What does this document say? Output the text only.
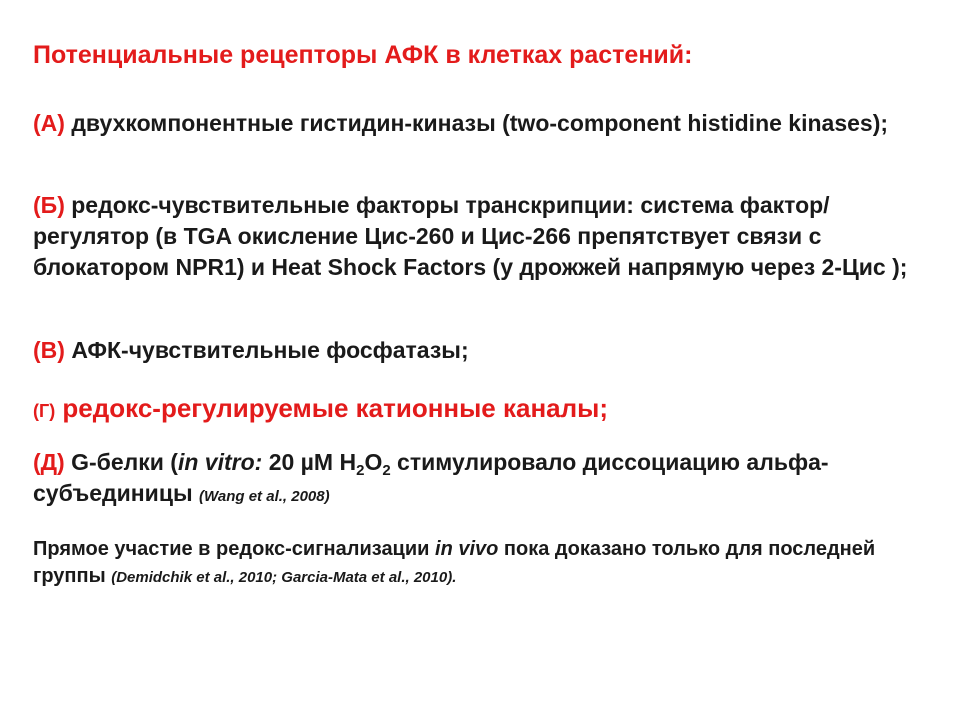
Потенциальные рецепторы АФК в клетках растений:
(А) двухкомпонентные гистидин-киназы (two-component histidine kinases);
(Б) редокс-чувствительные факторы транскрипции: система фактор/регулятор (в TGA окисление Цис-260 и Цис-266 препятствует связи с блокатором NPR1) и Heat Shock Factors (у дрожжей напрямую через 2-Цис );
(В) АФК-чувствительные фосфатазы;
(Г) редокс-регулируемые катионные каналы;
(Д) G-белки (in vitro: 20 µM $H_2O_2$ стимулировало диссоциацию альфа-субъединицы (Wang et al., 2008)
Прямое участие в редокс-сигнализации in vivo пока доказано только для последней группы (Demidchik et al., 2010; Garcia-Mata et al., 2010).
